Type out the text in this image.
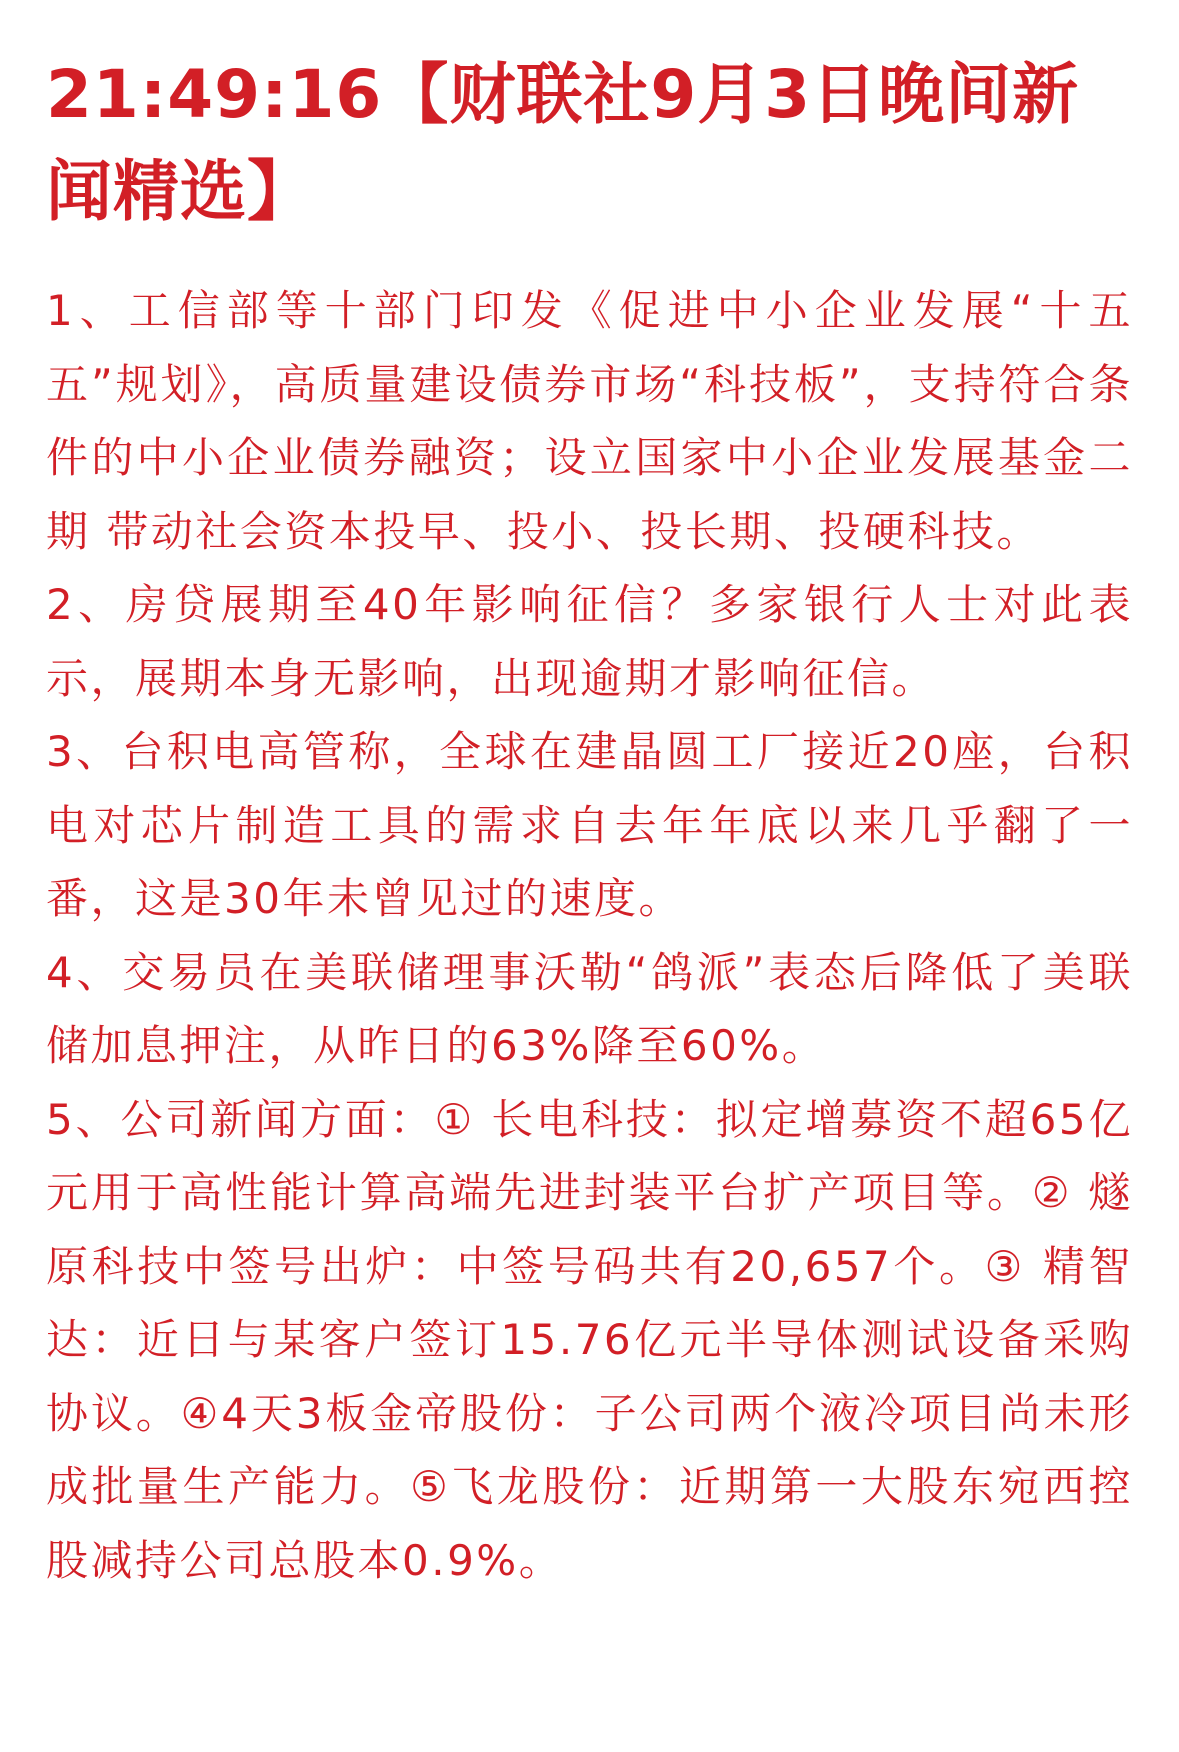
21:49:16【财联社9月3日晚间新闻精选】

1、工信部等十部门印发《促进中小企业发展“十五五”规划》，高质量建设债券市场“科技板”，支持符合条件的中小企业债券融资；设立国家中小企业发展基金二期 带动社会资本投早、投小、投长期、投硬科技。

2、房贷展期至40年影响征信？多家银行人士对此表示，展期本身无影响，出现逾期才影响征信。

3、台积电高管称，全球在建晶圆工厂接近20座，台积电对芯片制造工具的需求自去年年底以来几乎翻了一番，这是30年未曾见过的速度。

4、交易员在美联储理事沃勒“鸽派”表态后降低了美联储加息押注，从昨日的63%降至60%。

5、公司新闻方面：① 长电科技：拟定增募资不超65亿元用于高性能计算高端先进封装平台扩产项目等。② 燧原科技中签号出炉：中签号码共有20,657个。③ 精智达：近日与某客户签订15.76亿元半导体测试设备采购协议。④4天3板金帝股份：子公司两个液冷项目尚未形成批量生产能力。⑤飞龙股份：近期第一大股东宛西控股减持公司总股本0.9%。
